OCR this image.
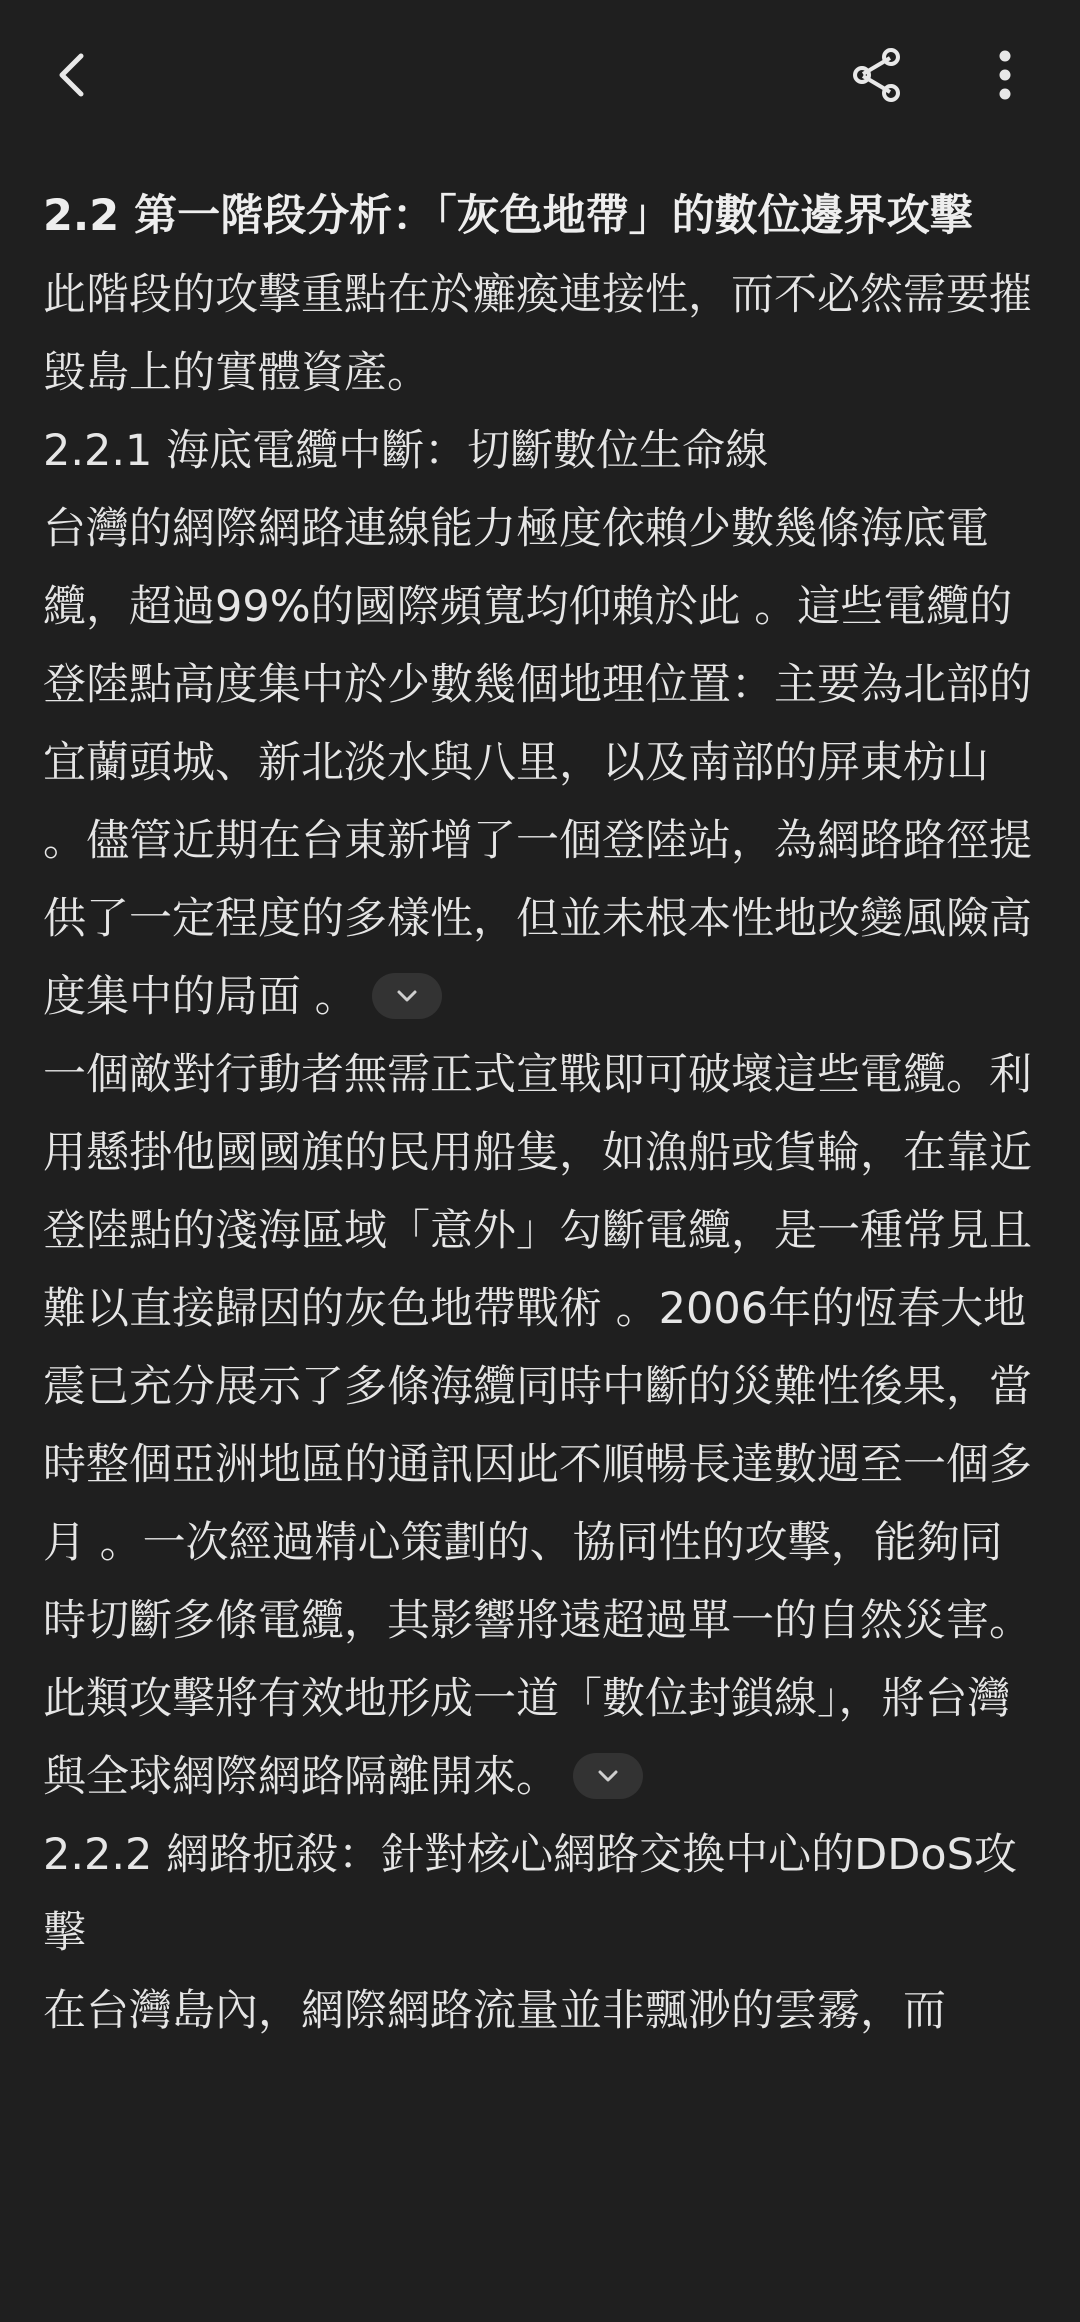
2.2 第一階段分析：「灰色地帶」的數位邊界攻擊

此階段的攻擊重點在於癱瘓連接性，而不必然需要摧毀島上的實體資產。

2.2.1 海底電纜中斷：切斷數位生命線

台灣的網際網路連線能力極度依賴少數幾條海底電纜，超過99%的國際頻寬均仰賴於此 。這些電纜的登陸點高度集中於少數幾個地理位置：主要為北部的宜蘭頭城、新北淡水與八里，以及南部的屏東枋山 。儘管近期在台東新增了一個登陸站，為網路路徑提供了一定程度的多樣性，但並未根本性地改變風險高度集中的局面 。

一個敵對行動者無需正式宣戰即可破壞這些電纜。利用懸掛他國國旗的民用船隻，如漁船或貨輪，在靠近登陸點的淺海區域「意外」勾斷電纜，是一種常見且難以直接歸因的灰色地帶戰術 。2006年的恆春大地震已充分展示了多條海纜同時中斷的災難性後果，當時整個亞洲地區的通訊因此不順暢長達數週至一個多月 。一次經過精心策劃的、協同性的攻擊，能夠同時切斷多條電纜，其影響將遠超過單一的自然災害。此類攻擊將有效地形成一道「數位封鎖線」，將台灣與全球網際網路隔離開來。

2.2.2 網路扼殺：針對核心網路交換中心的DDoS攻擊

在台灣島內，網際網路流量並非飄渺的雲霧，而
